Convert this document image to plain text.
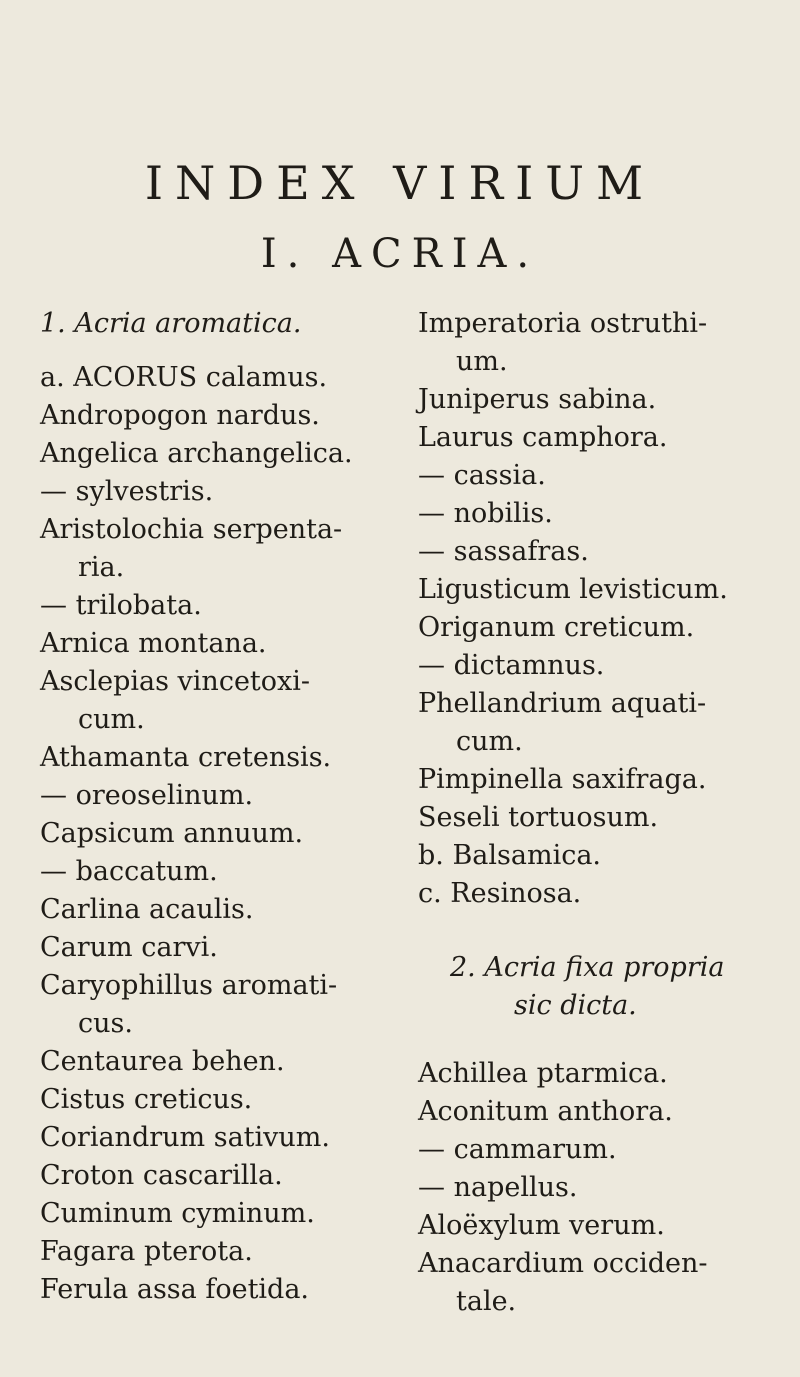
INDEX VIRIUM
I. ACRIA.
1. Acria aromatica.
a. ACORUS calamus.
Andropogon nardus.
Angelica archangelica.
— sylvestris.
Aristolochia serpenta-
ria.
— trilobata.
Arnica montana.
Asclepias vincetoxi-
cum.
Athamanta cretensis.
— oreoselinum.
Capsicum annuum.
— baccatum.
Carlina acaulis.
Carum carvi.
Caryophillus aromati-
cus.
Centaurea behen.
Cistus creticus.
Coriandrum sativum.
Croton cascarilla.
Cuminum cyminum.
Fagara pterota.
Ferula assa foetida.
Imperatoria ostruthi-
um.
Juniperus sabina.
Laurus camphora.
— cassia.
— nobilis.
— sassafras.
Ligusticum levisticum.
Origanum creticum.
— dictamnus.
Phellandrium aquati-
cum.
Pimpinella saxifraga.
Seseli tortuosum.
b. Balsamica.
c. Resinosa.
2. Acria fixa propria
sic dicta.
Achillea ptarmica.
Aconitum anthora.
— cammarum.
— napellus.
Aloëxylum verum.
Anacardium occiden-
tale.
